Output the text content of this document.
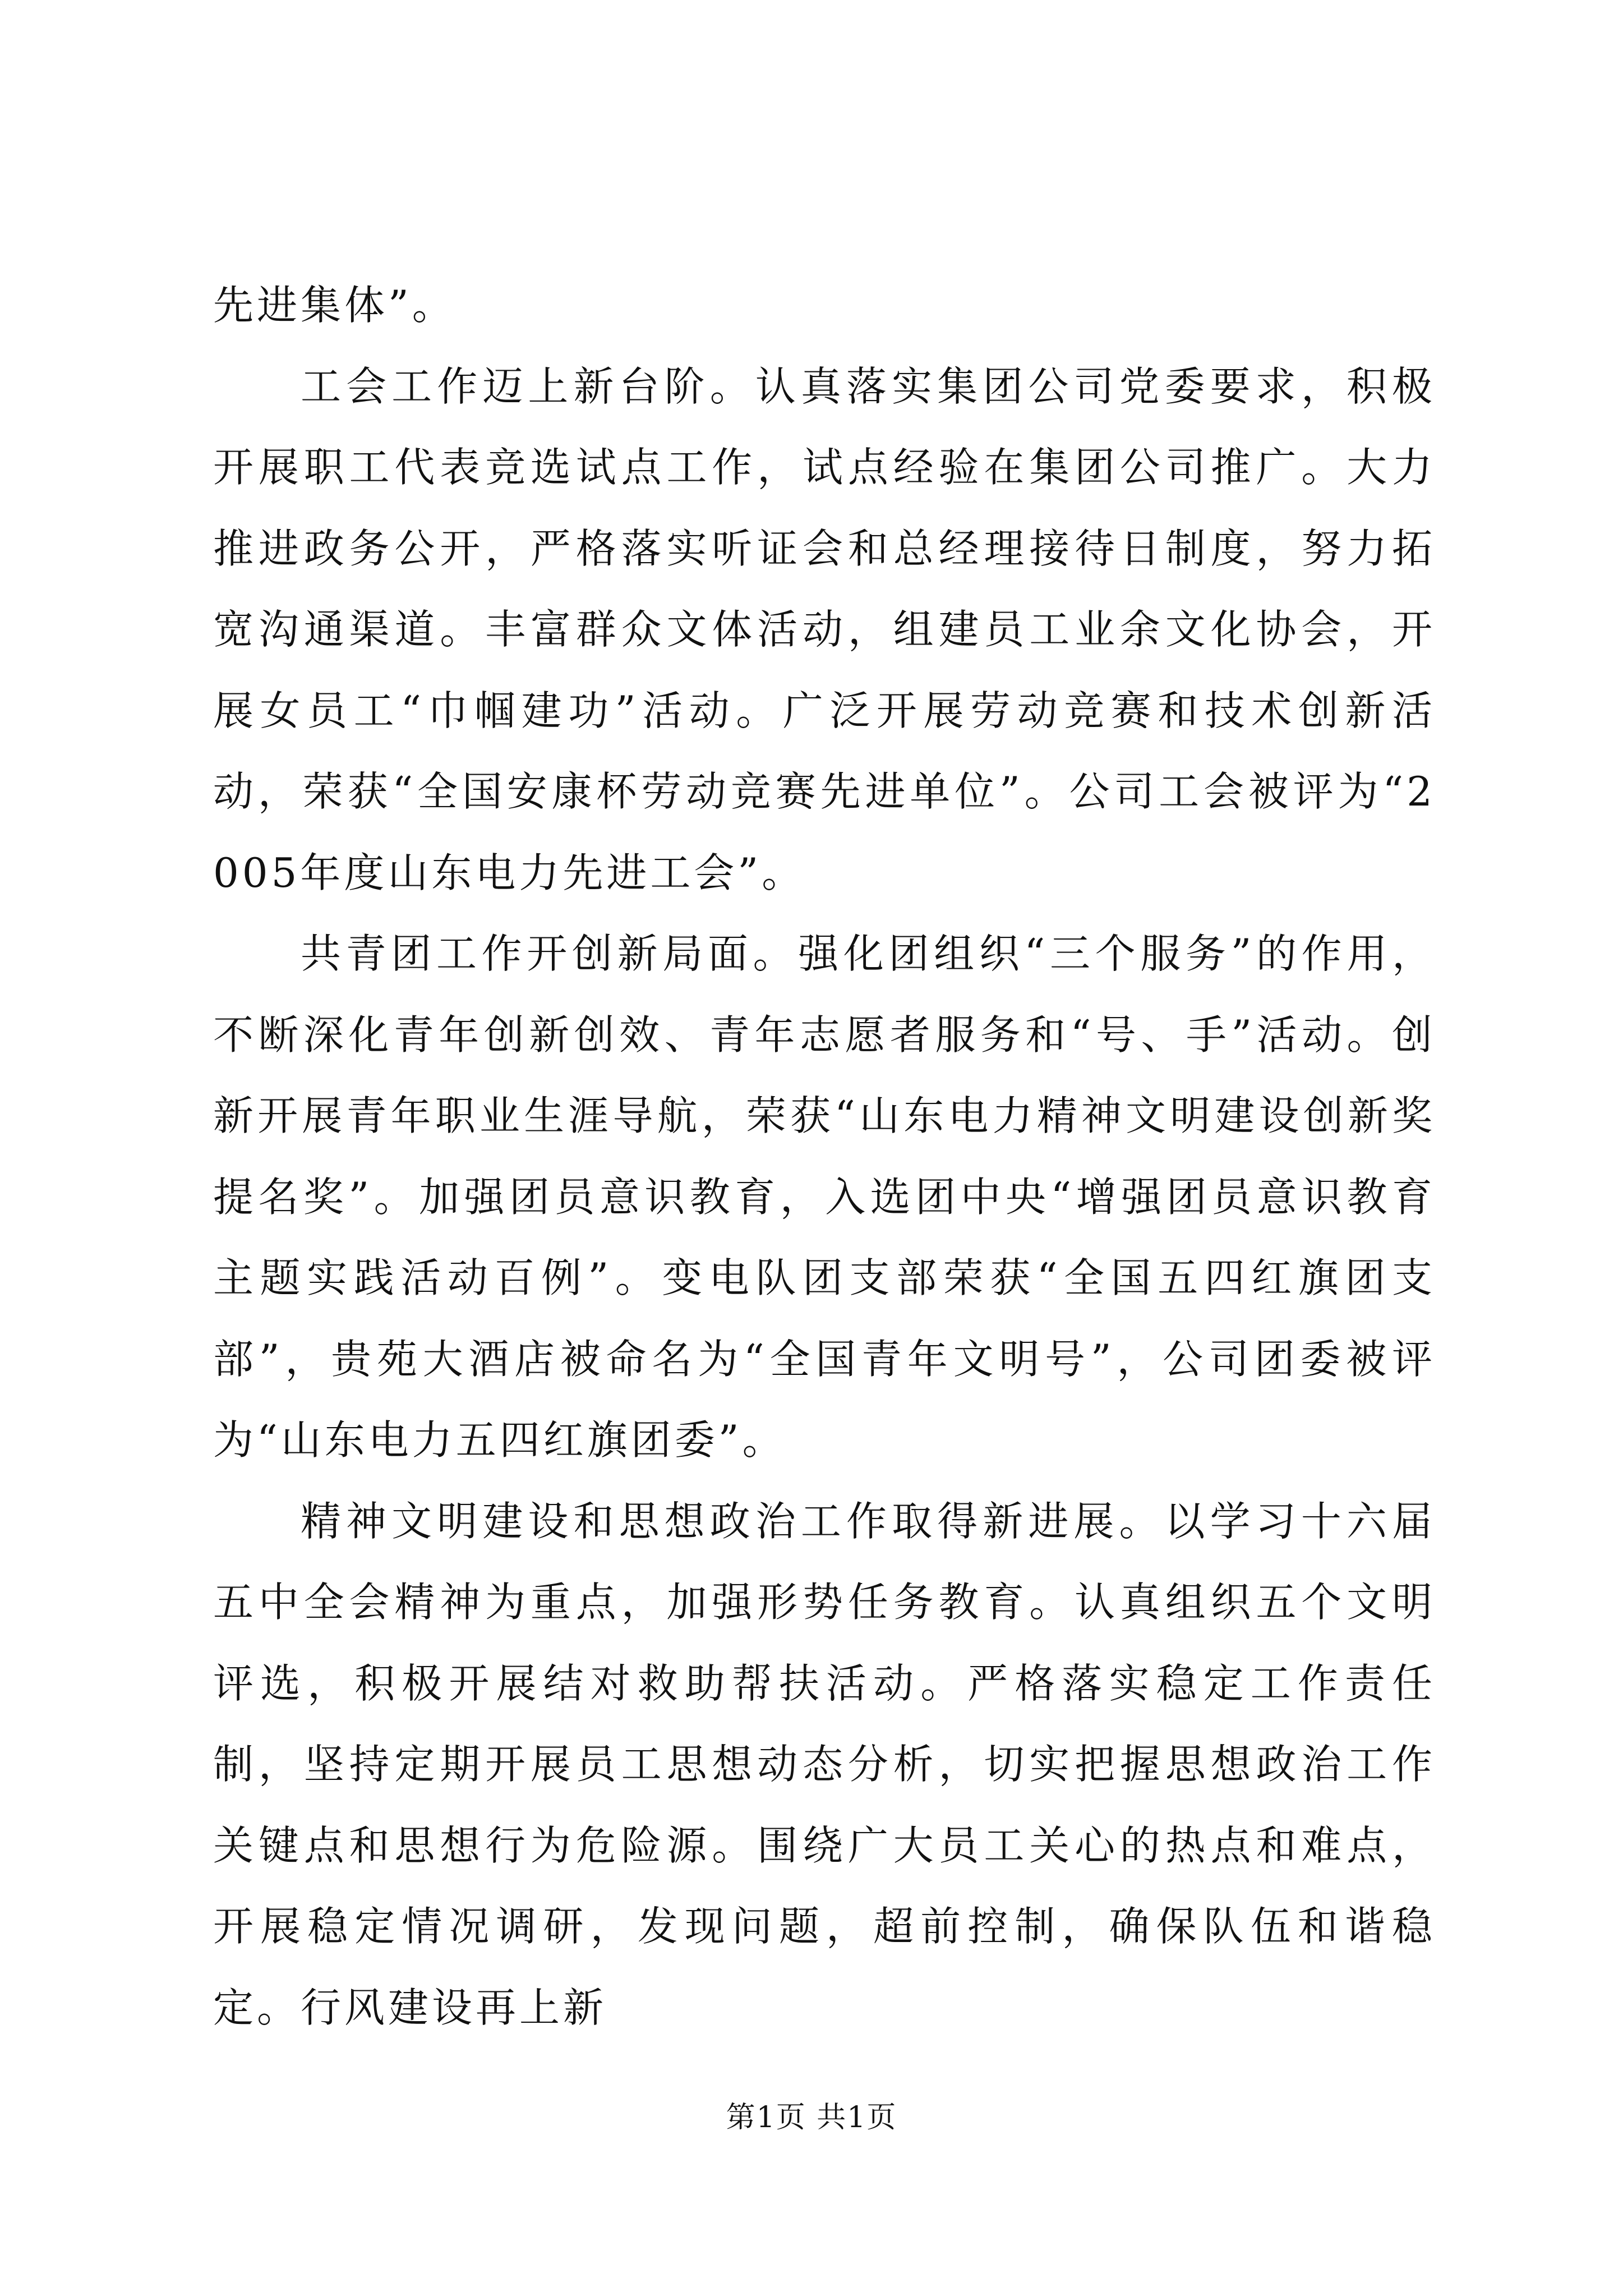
先进集体”。

工会工作迈上新台阶。认真落实集团公司党委要求，积极开展职工代表竞选试点工作，试点经验在集团公司推广。大力推进政务公开，严格落实听证会和总经理接待日制度，努力拓宽沟通渠道。丰富群众文体活动，组建员工业余文化协会，开展女员工“巾帼建功”活动。广泛开展劳动竞赛和技术创新活动，荣获“全国安康杯劳动竞赛先进单位”。公司工会被评为“2005年度山东电力先进工会”。

共青团工作开创新局面。强化团组织“三个服务”的作用，不断深化青年创新创效、青年志愿者服务和“号、手”活动。创新开展青年职业生涯导航，荣获“山东电力精神文明建设创新奖提名奖”。加强团员意识教育，入选团中央“增强团员意识教育主题实践活动百例”。变电队团支部荣获“全国五四红旗团支部”，贵苑大酒店被命名为“全国青年文明号”，公司团委被评为“山东电力五四红旗团委”。

精神文明建设和思想政治工作取得新进展。以学习十六届五中全会精神为重点，加强形势任务教育。认真组织五个文明评选，积极开展结对救助帮扶活动。严格落实稳定工作责任制，坚持定期开展员工思想动态分析，切实把握思想政治工作关键点和思想行为危险源。围绕广大员工关心的热点和难点，开展稳定情况调研，发现问题，超前控制，确保队伍和谐稳定。行风建设再上新

第1页 共1页
